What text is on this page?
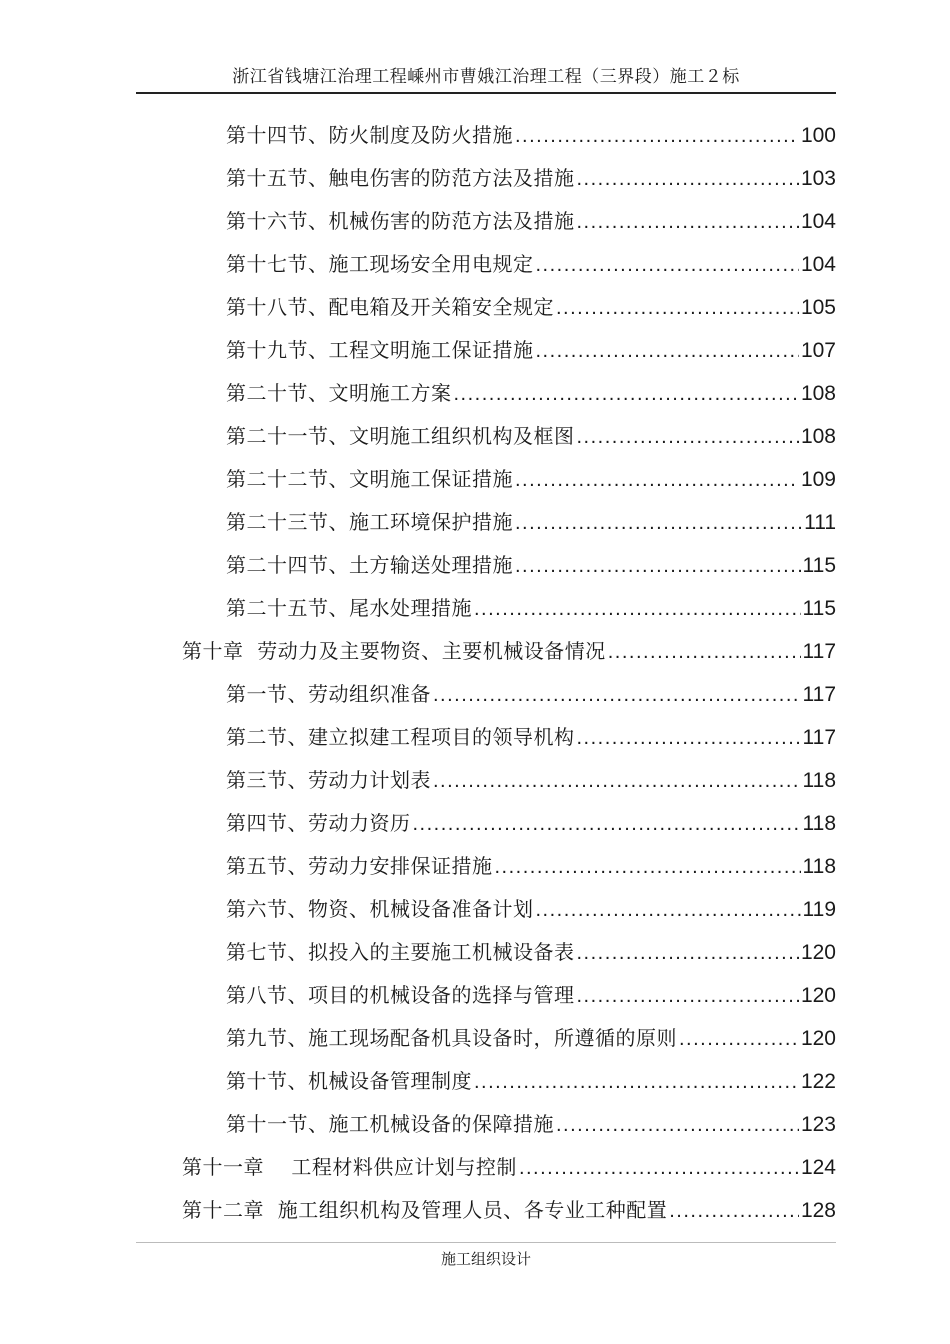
浙江省钱塘江治理工程嵊州市曹娥江治理工程（三界段）施工２标
第十四节、防火制度及防火措施 .....	100
第十五节、触电伤害的防范方法及措施 .....	103
第十六节、机械伤害的防范方法及措施 .....	104
第十七节、施工现场安全用电规定 .....	104
第十八节、配电箱及开关箱安全规定 .....	105
第十九节、工程文明施工保证措施 .....	107
第二十节、文明施工方案 .....	108
第二十一节、文明施工组织机构及框图 .....	108
第二十二节、文明施工保证措施 .....	109
第二十三节、施工环境保护措施 .....	111
第二十四节、土方输送处理措施 .....	115
第二十五节、尾水处理措施 .....	115
第十章  劳动力及主要物资、主要机械设备情况 .....	117
第一节、劳动组织准备 .....	117
第二节、建立拟建工程项目的领导机构 .....	117
第三节、劳动力计划表 .....	118
第四节、劳动力资历 .....	118
第五节、劳动力安排保证措施 .....	118
第六节、物资、机械设备准备计划 .....	119
第七节、拟投入的主要施工机械设备表 .....	120
第八节、项目的机械设备的选择与管理 .....	120
第九节、施工现场配备机具设备时，所遵循的原则 .....	120
第十节、机械设备管理制度 .....	122
第十一节、施工机械设备的保障措施 .....	123
第十一章    工程材料供应计划与控制 .....	124
第十二章  施工组织机构及管理人员、各专业工种配置 .....	128
施工组织设计
